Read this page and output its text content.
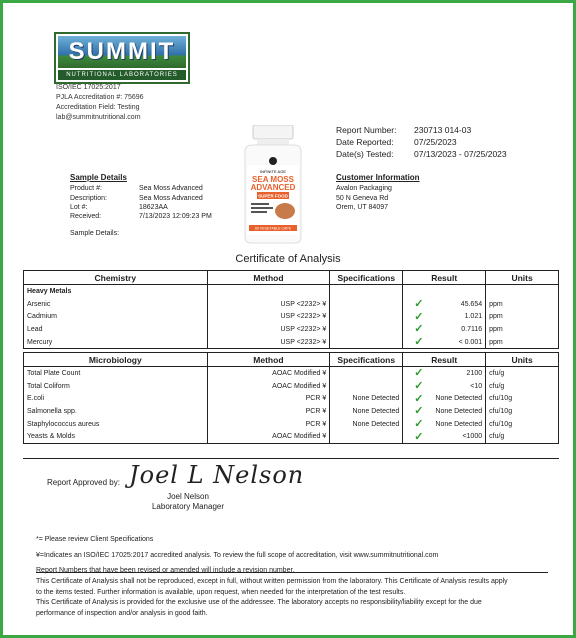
SUMMIT
NUTRITIONAL LABORATORIES
ISO/IEC 17025:2017
PJLA Accreditation #: 75696
Accreditation Field: Testing
lab@summitnutritional.com
Report Number: 230713 014-03
Date Reported: 07/25/2023
Date(s) Tested: 07/13/2023 - 07/25/2023
INFINITE AGE
SEA MOSS
ADVANCED
SUPER FOOD
60 VEGETABLE CAPS
Sample Details
Product #:	Sea Moss Advanced
Description:	Sea Moss Advanced
Lot #:	18623AA
Received:	7/13/2023 12:09:23 PM
Sample Details:
Customer Information
Avalon Packaging
50 N Geneva Rd
Orem, UT 84097
Certificate of Analysis
Chemistry	Method	Specifications	Result	Units
Heavy Metals				
Arsenic	USP <2232> ¥		✓ 45.654	ppm
Cadmium	USP <2232> ¥		✓ 1.021	ppm
Lead	USP <2232> ¥		✓ 0.7116	ppm
Mercury	USP <2232> ¥		✓ < 0.001	ppm
Microbiology	Method	Specifications	Result	Units
Total Plate Count	AOAC Modified ¥		✓ 2100	cfu/g
Total Coliform	AOAC Modified ¥		✓ <10	cfu/g
E.coli	PCR ¥	None Detected	✓ None Detected	cfu/10g
Salmonella spp.	PCR ¥	None Detected	✓ None Detected	cfu/10g
Staphylococcus aureus	PCR ¥	None Detected	✓ None Detected	cfu/10g
Yeasts & Molds	AOAC Modified ¥		✓ <1000	cfu/g
Report Approved by: Joel L Nelson
Joel Nelson
Laboratory Manager
*= Please review Client Specifications
¥=Indicates an ISO/IEC 17025:2017 accredited analysis. To review the full scope of accreditation, visit www.summitnutritional.com
Report Numbers that have been revised or amended will include a revision number.
This Certificate of Analysis shall not be reproduced, except in full, without written permission from the laboratory. This Certificate of Analysis results apply
to the items tested. Further information is available, upon request, when needed for the interpretation of the test results.
This Certificate of Analysis is provided for the exclusive use of the addressee. The laboratory accepts no responsibility/liability except for the due
performance of inspection and/or analysis in good faith.
